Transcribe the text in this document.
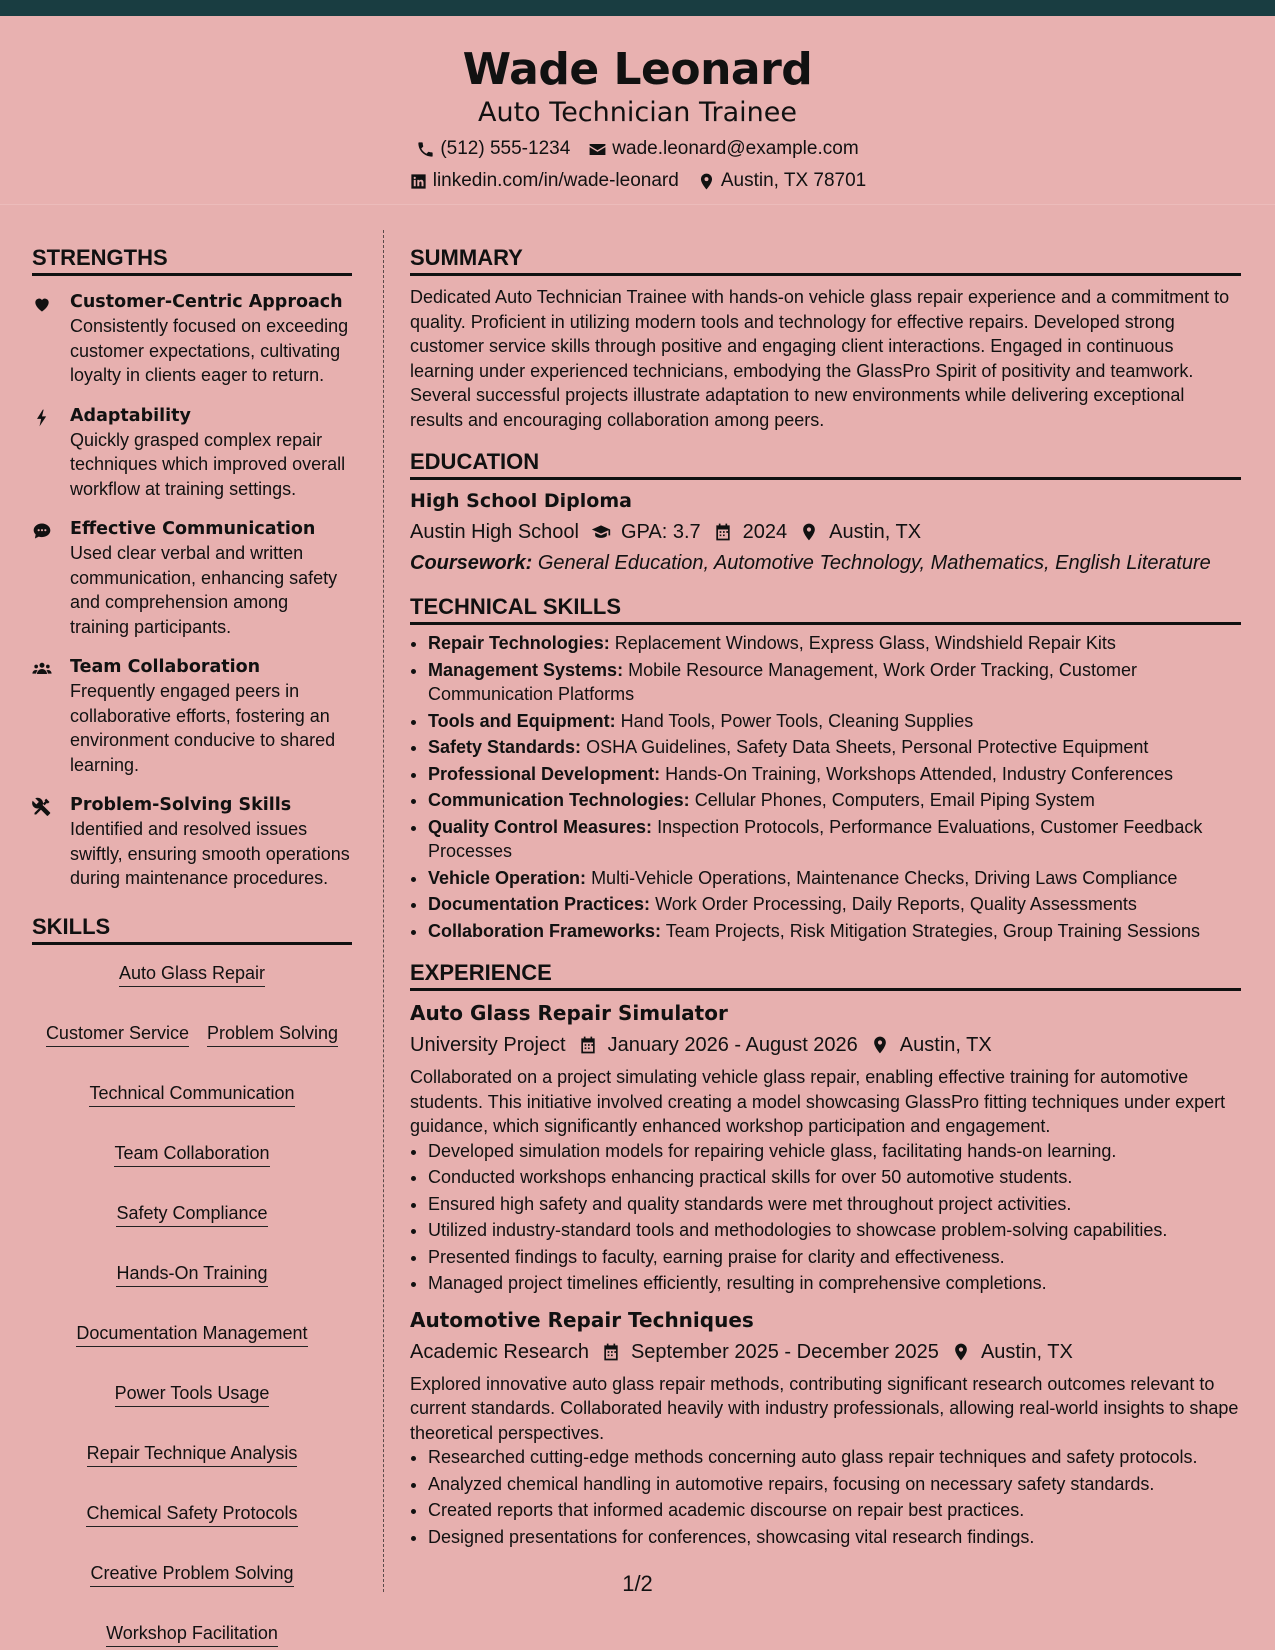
Wade Leonard
Auto Technician Trainee
(512) 555-1234 wade.leonard@example.com
linkedin.com/in/wade-leonard Austin, TX 78701
STRENGTHS
Customer-Centric Approach
Consistently focused on exceeding customer expectations, cultivating loyalty in clients eager to return.
Adaptability
Quickly grasped complex repair techniques which improved overall workflow at training settings.
Effective Communication
Used clear verbal and written communication, enhancing safety and comprehension among training participants.
Team Collaboration
Frequently engaged peers in collaborative efforts, fostering an environment conducive to shared learning.
Problem-Solving Skills
Identified and resolved issues swiftly, ensuring smooth operations during maintenance procedures.
SKILLS
Auto Glass Repair
Customer Service Problem Solving
Technical Communication
Team Collaboration
Safety Compliance
Hands-On Training
Documentation Management
Power Tools Usage
Repair Technique Analysis
Chemical Safety Protocols
Creative Problem Solving
Workshop Facilitation
SUMMARY
Dedicated Auto Technician Trainee with hands-on vehicle glass repair experience and a commitment to quality. Proficient in utilizing modern tools and technology for effective repairs. Developed strong customer service skills through positive and engaging client interactions. Engaged in continuous learning under experienced technicians, embodying the GlassPro Spirit of positivity and teamwork. Several successful projects illustrate adaptation to new environments while delivering exceptional results and encouraging collaboration among peers.
EDUCATION
High School Diploma
Austin High School GPA: 3.7 2024 Austin, TX
Coursework: General Education, Automotive Technology, Mathematics, English Literature
TECHNICAL SKILLS
• Repair Technologies: Replacement Windows, Express Glass, Windshield Repair Kits
• Management Systems: Mobile Resource Management, Work Order Tracking, Customer Communication Platforms
• Tools and Equipment: Hand Tools, Power Tools, Cleaning Supplies
• Safety Standards: OSHA Guidelines, Safety Data Sheets, Personal Protective Equipment
• Professional Development: Hands-On Training, Workshops Attended, Industry Conferences
• Communication Technologies: Cellular Phones, Computers, Email Piping System
• Quality Control Measures: Inspection Protocols, Performance Evaluations, Customer Feedback Processes
• Vehicle Operation: Multi-Vehicle Operations, Maintenance Checks, Driving Laws Compliance
• Documentation Practices: Work Order Processing, Daily Reports, Quality Assessments
• Collaboration Frameworks: Team Projects, Risk Mitigation Strategies, Group Training Sessions
EXPERIENCE
Auto Glass Repair Simulator
University Project January 2026 - August 2026 Austin, TX
Collaborated on a project simulating vehicle glass repair, enabling effective training for automotive students. This initiative involved creating a model showcasing GlassPro fitting techniques under expert guidance, which significantly enhanced workshop participation and engagement.
• Developed simulation models for repairing vehicle glass, facilitating hands-on learning.
• Conducted workshops enhancing practical skills for over 50 automotive students.
• Ensured high safety and quality standards were met throughout project activities.
• Utilized industry-standard tools and methodologies to showcase problem-solving capabilities.
• Presented findings to faculty, earning praise for clarity and effectiveness.
• Managed project timelines efficiently, resulting in comprehensive completions.
Automotive Repair Techniques
Academic Research September 2025 - December 2025 Austin, TX
Explored innovative auto glass repair methods, contributing significant research outcomes relevant to current standards. Collaborated heavily with industry professionals, allowing real-world insights to shape theoretical perspectives.
• Researched cutting-edge methods concerning auto glass repair techniques and safety protocols.
• Analyzed chemical handling in automotive repairs, focusing on necessary safety standards.
• Created reports that informed academic discourse on repair best practices.
• Designed presentations for conferences, showcasing vital research findings.
1/2
